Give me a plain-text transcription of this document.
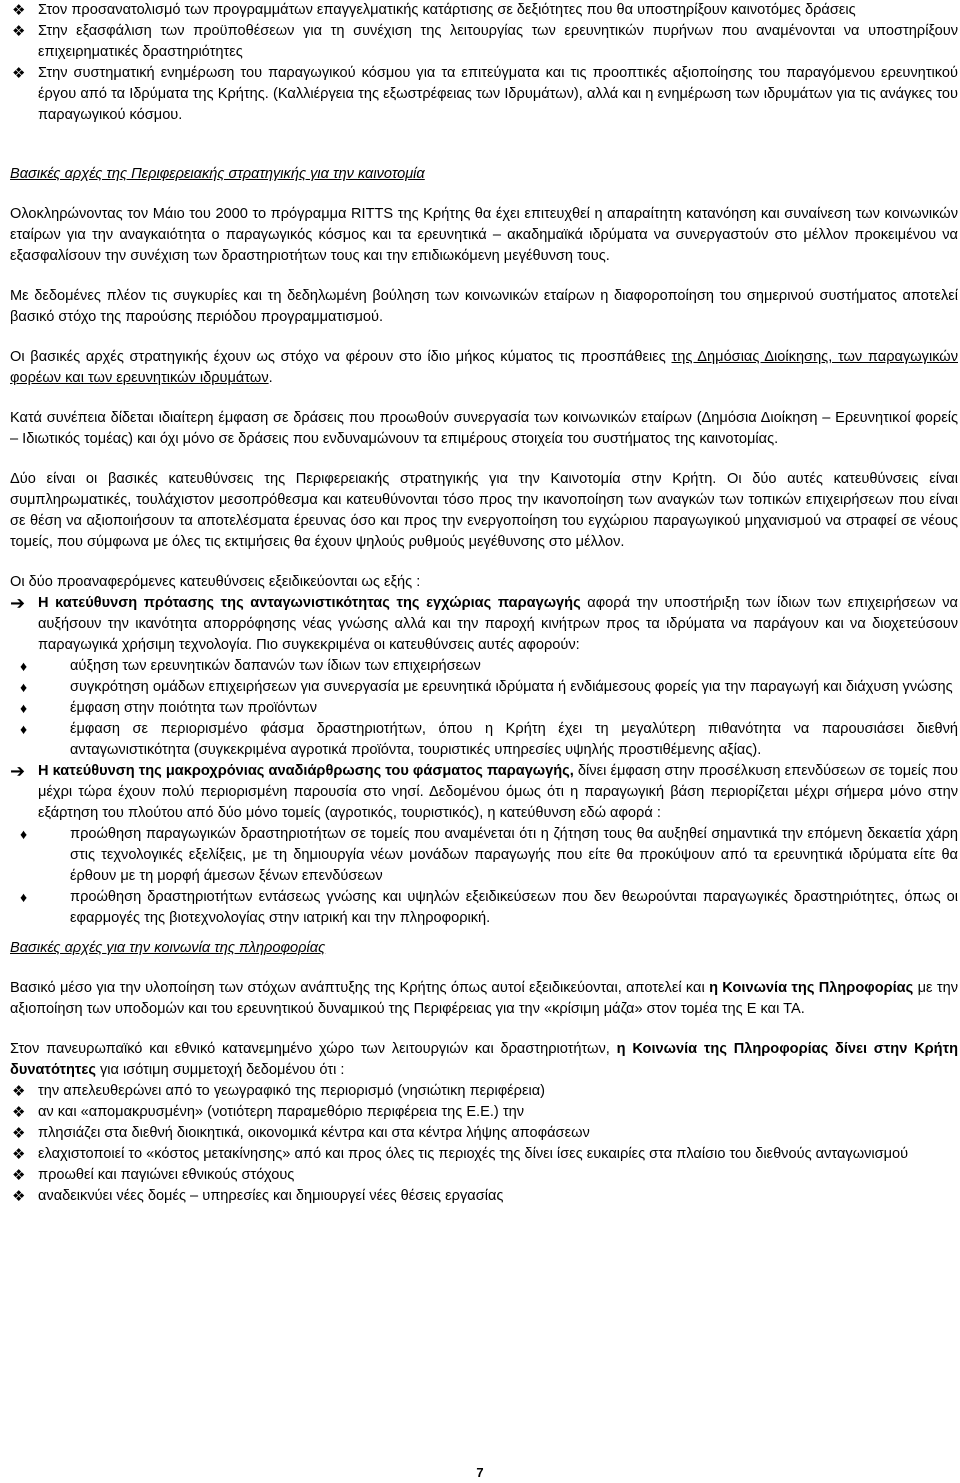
❖ Στον προσανατολισμό των προγραμμάτων επαγγελματικής κατάρτισης σε δεξιότητες που θα υποστηρίξουν καινοτόμες δράσεις
❖ Στην εξασφάλιση των προϋποθέσεων για τη συνέχιση της λειτουργίας των ερευνητικών πυρήνων που αναμένονται να υποστηρίξουν επιχειρηματικές δραστηριότητες
❖ Στην συστηματική ενημέρωση του παραγωγικού κόσμου για τα επιτεύγματα και τις προοπτικές αξιοποίησης του παραγόμενου ερευνητικού έργου από τα Ιδρύματα της Κρήτης. (Καλλιέργεια της εξωστρέφειας των Ιδρυμάτων), αλλά και η ενημέρωση των ιδρυμάτων για τις ανάγκες του παραγωγικού κόσμου.

Βασικές αρχές της Περιφερειακής στρατηγικής για την καινοτομία

Ολοκληρώνοντας τον Μάιο του 2000 το πρόγραμμα RITTS της Κρήτης θα έχει επιτευχθεί η απαραίτητη κατανόηση και συναίνεση των κοινωνικών εταίρων για την αναγκαιότητα ο παραγωγικός κόσμος και τα ερευνητικά – ακαδημαϊκά ιδρύματα να συνεργαστούν στο μέλλον προκειμένου να εξασφαλίσουν την συνέχιση των δραστηριοτήτων τους και την επιδιωκόμενη μεγέθυνση τους.

Με δεδομένες πλέον τις συγκυρίες και τη δεδηλωμένη βούληση των κοινωνικών εταίρων η διαφοροποίηση του σημερινού συστήματος αποτελεί βασικό στόχο της παρούσης περιόδου προγραμματισμού.

Οι βασικές αρχές στρατηγικής έχουν ως στόχο να φέρουν στο ίδιο μήκος κύματος τις προσπάθειες της Δημόσιας Διοίκησης, των παραγωγικών φορέων και των ερευνητικών ιδρυμάτων.

Κατά συνέπεια δίδεται ιδιαίτερη έμφαση σε δράσεις που προωθούν συνεργασία των κοινωνικών εταίρων (Δημόσια Διοίκηση – Ερευνητικοί φορείς – Ιδιωτικός τομέας) και όχι μόνο σε δράσεις που ενδυναμώνουν τα επιμέρους στοιχεία του συστήματος της καινοτομίας.

Δύο είναι οι βασικές κατευθύνσεις της Περιφερειακής στρατηγικής για την Καινοτομία στην Κρήτη. Οι δύο αυτές κατευθύνσεις είναι συμπληρωματικές, τουλάχιστον μεσοπρόθεσμα και κατευθύνονται τόσο προς την ικανοποίηση των αναγκών των τοπικών επιχειρήσεων που είναι σε θέση να αξιοποιήσουν τα αποτελέσματα έρευνας όσο και προς την ενεργοποίηση του εγχώριου παραγωγικού μηχανισμού να στραφεί σε νέους τομείς, που σύμφωνα με όλες τις εκτιμήσεις θα έχουν ψηλούς ρυθμούς μεγέθυνσης στο μέλλον.

Οι δύο προαναφερόμενες κατευθύνσεις εξειδικεύονται ως εξής :

➔ Η κατεύθυνση πρότασης της ανταγωνιστικότητας της εγχώριας παραγωγής αφορά την υποστήριξη των ίδιων των επιχειρήσεων να αυξήσουν την ικανότητα απορρόφησης νέας γνώσης αλλά και την παροχή κινήτρων προς τα ιδρύματα να παράγουν και να διοχετεύσουν παραγωγικά χρήσιμη τεχνολογία. Πιο συγκεκριμένα οι κατευθύνσεις αυτές αφορούν:
♦	αύξηση των ερευνητικών δαπανών των ίδιων των επιχειρήσεων
♦	συγκρότηση ομάδων επιχειρήσεων για συνεργασία με ερευνητικά ιδρύματα ή ενδιάμεσους φορείς για την παραγωγή και διάχυση γνώσης
♦	έμφαση στην ποιότητα των προϊόντων
♦	έμφαση σε περιορισμένο φάσμα δραστηριοτήτων, όπου η Κρήτη έχει τη μεγαλύτερη πιθανότητα να παρουσιάσει διεθνή ανταγωνιστικότητα (συγκεκριμένα αγροτικά προϊόντα, τουριστικές υπηρεσίες υψηλής προστιθέμενης αξίας).
➔ Η κατεύθυνση της μακροχρόνιας αναδιάρθρωσης του φάσματος παραγωγής, δίνει έμφαση στην προσέλκυση επενδύσεων σε τομείς που μέχρι τώρα έχουν πολύ περιορισμένη παρουσία στο νησί. Δεδομένου όμως ότι η παραγωγική βάση περιορίζεται μέχρι σήμερα μόνο στην εξάρτηση του πλούτου από δύο μόνο τομείς (αγροτικός, τουριστικός), η κατεύθυνση εδώ αφορά :
♦	προώθηση παραγωγικών δραστηριοτήτων σε τομείς που αναμένεται ότι η ζήτηση τους θα αυξηθεί σημαντικά την επόμενη δεκαετία χάρη στις τεχνολογικές εξελίξεις, με τη δημιουργία νέων μονάδων παραγωγής που είτε θα προκύψουν από τα ερευνητικά ιδρύματα είτε θα έρθουν με τη μορφή άμεσων ξένων επενδύσεων
♦	προώθηση δραστηριοτήτων εντάσεως γνώσης και υψηλών εξειδικεύσεων που δεν θεωρούνται παραγωγικές δραστηριότητες, όπως οι εφαρμογές της βιοτεχνολογίας στην ιατρική και την πληροφορική.

Βασικές αρχές για την κοινωνία της πληροφορίας

Βασικό μέσο για την υλοποίηση των στόχων ανάπτυξης της Κρήτης όπως αυτοί εξειδικεύονται, αποτελεί και η Κοινωνία της Πληροφορίας με την αξιοποίηση των υποδομών και του ερευνητικού δυναμικού της Περιφέρειας για την «κρίσιμη μάζα» στον τομέα της Ε και ΤΑ.

Στον πανευρωπαϊκό και εθνικό κατανεμημένο χώρο των λειτουργιών και δραστηριοτήτων, η Κοινωνία της Πληροφορίας δίνει στην Κρήτη δυνατότητες για ισότιμη συμμετοχή δεδομένου ότι :

❖ την απελευθερώνει από το γεωγραφικό της περιορισμό (νησιώτικη περιφέρεια)
❖ αν και «απομακρυσμένη» (νοτιότερη παραμεθόριο περιφέρεια της Ε.Ε.) την
❖ πλησιάζει στα διεθνή διοικητικά, οικονομικά κέντρα και στα κέντρα λήψης αποφάσεων
❖ ελαχιστοποιεί το «κόστος μετακίνησης» από και προς όλες τις περιοχές της δίνει ίσες ευκαιρίες στα πλαίσιο του διεθνούς ανταγωνισμού
❖ προωθεί και παγιώνει εθνικούς στόχους
❖ αναδεικνύει νέες δομές – υπηρεσίες και δημιουργεί νέες θέσεις εργασίας
7
